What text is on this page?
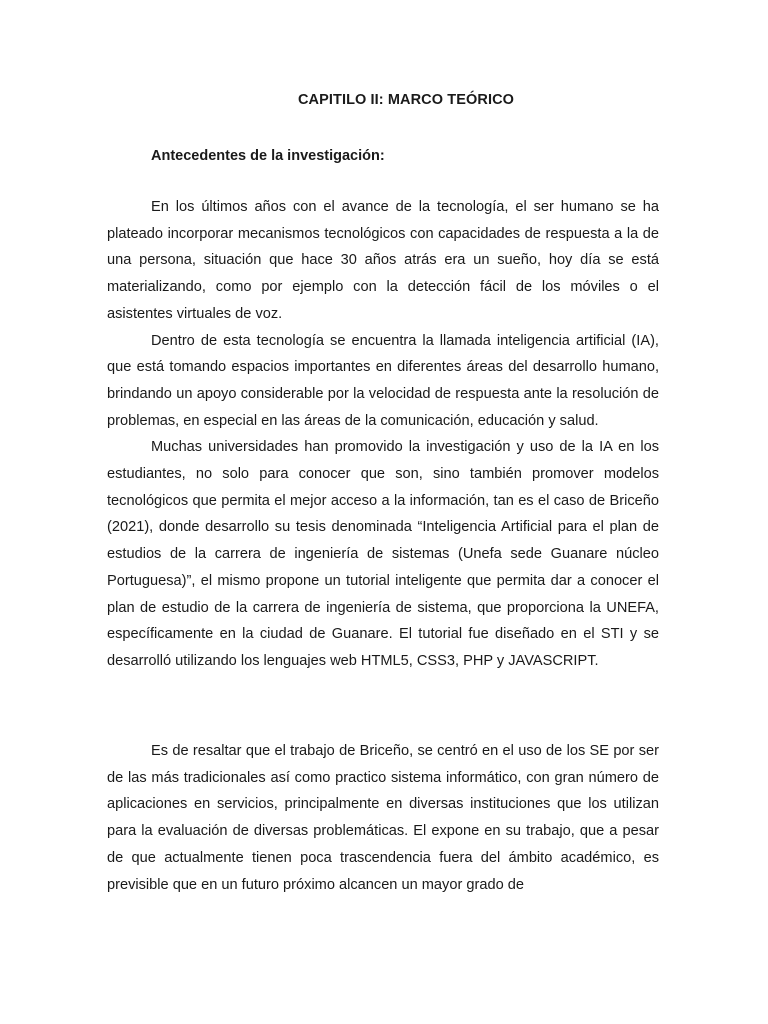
CAPITILO II: MARCO TEÓRICO
Antecedentes de la investigación:

En los últimos años con el avance de la tecnología, el ser humano se ha plateado incorporar mecanismos tecnológicos con capacidades de respuesta a la de una persona, situación que hace 30 años atrás era un sueño, hoy día se está materializando, como por ejemplo con la detección fácil de los móviles o el asistentes virtuales de voz.

Dentro de esta tecnología se encuentra la llamada inteligencia artificial (IA), que está tomando espacios importantes en diferentes áreas del desarrollo humano, brindando un apoyo considerable por la velocidad de respuesta ante la resolución de problemas, en especial en las áreas de la comunicación, educación y salud.

Muchas universidades han promovido la investigación y uso de la IA en los estudiantes, no solo para conocer que son, sino también promover modelos tecnológicos que permita el mejor acceso a la información, tan es el caso de Briceño (2021), donde desarrollo su tesis denominada “Inteligencia Artificial para el plan de estudios de la carrera de ingeniería de sistemas (Unefa sede Guanare núcleo Portuguesa)”, el mismo propone un tutorial inteligente que permita dar a conocer el plan de estudio de la carrera de ingeniería de sistema, que proporciona la UNEFA, específicamente en la ciudad de Guanare. El tutorial fue diseñado en el STI y se desarrolló utilizando los lenguajes web HTML5, CSS3, PHP y JAVASCRIPT.

Es de resaltar que el trabajo de Briceño, se centró en el uso de los SE por ser de las más tradicionales así como practico sistema informático, con gran número de aplicaciones en servicios, principalmente en diversas instituciones que los utilizan para la evaluación de diversas problemáticas. El expone en su trabajo, que a pesar de que actualmente tienen poca trascendencia fuera del ámbito académico, es previsible que en un futuro próximo alcancen un mayor grado de
